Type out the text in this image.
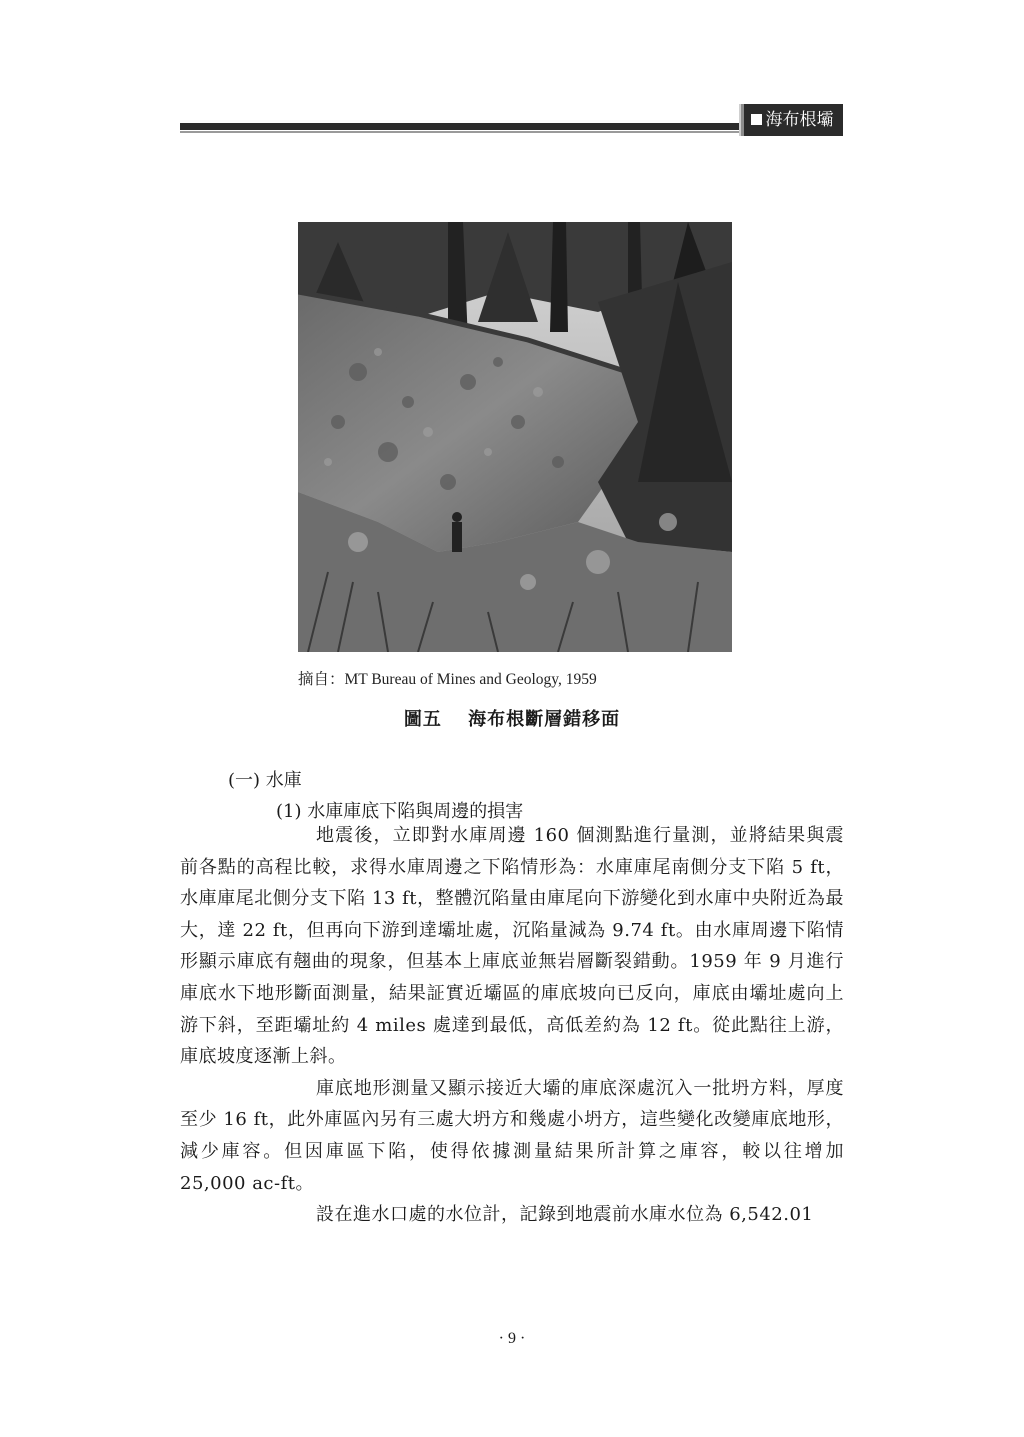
海布根壩
摘自：MT Bureau of Mines and Geology, 1959
圖五　 海布根斷層錯移面
(一) 水庫
(1) 水庫庫底下陷與周邊的損害

地震後，立即對水庫周邊 160 個測點進行量測，並將結果與震前各點的高程比較，求得水庫周邊之下陷情形為：水庫庫尾南側分支下陷 5 ft，水庫庫尾北側分支下陷 13 ft，整體沉陷量由庫尾向下游變化到水庫中央附近為最大，達 22 ft，但再向下游到達壩址處，沉陷量減為 9.74 ft。由水庫周邊下陷情形顯示庫底有翹曲的現象，但基本上庫底並無岩層斷裂錯動。1959 年 9 月進行庫底水下地形斷面測量，結果証實近壩區的庫底坡向已反向，庫底由壩址處向上游下斜，至距壩址約 4 miles 處達到最低，高低差約為 12 ft。從此點往上游，庫底坡度逐漸上斜。

庫底地形測量又顯示接近大壩的庫底深處沉入一批坍方料，厚度至少 16 ft，此外庫區內另有三處大坍方和幾處小坍方，這些變化改變庫底地形，減少庫容。但因庫區下陷，使得依據測量結果所計算之庫容，較以往增加 25,000 ac-ft。

設在進水口處的水位計，記錄到地震前水庫水位為 6,542.01

· 9 ·
